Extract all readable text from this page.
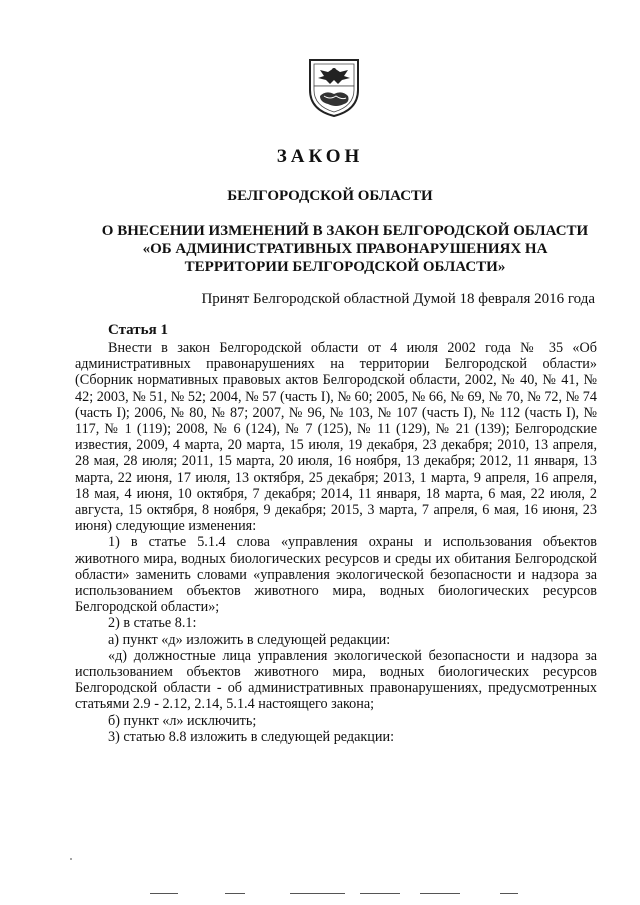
ЗАКОН
БЕЛГОРОДСКОЙ ОБЛАСТИ
О ВНЕСЕНИИ ИЗМЕНЕНИЙ В ЗАКОН БЕЛГОРОДСКОЙ ОБЛАСТИ
«ОБ АДМИНИСТРАТИВНЫХ ПРАВОНАРУШЕНИЯХ НА
ТЕРРИТОРИИ БЕЛГОРОДСКОЙ ОБЛАСТИ»
Принят Белгородской областной Думой 18 февраля 2016 года
Статья 1

Внести в закон Белгородской области от 4 июля 2002 года № 35 «Об административных правонарушениях на территории Белгородской области» (Сборник нормативных правовых актов Белгородской области, 2002, № 40, № 41, № 42; 2003, № 51, № 52; 2004, № 57 (часть I), № 60; 2005, № 66, № 69, № 70, № 72, № 74 (часть I); 2006, № 80, № 87; 2007, № 96, № 103, № 107 (часть I), № 112 (часть I), № 117, № 1 (119); 2008, № 6 (124), № 7 (125), № 11 (129), № 21 (139); Белгородские известия, 2009, 4 марта, 20 марта, 15 июля, 19 декабря, 23 декабря; 2010, 13 апреля, 28 мая, 28 июля; 2011, 15 марта, 20 июля, 16 ноября, 13 декабря; 2012, 11 января, 13 марта, 22 июня, 17 июля, 13 октября, 25 декабря; 2013, 1 марта, 9 апреля, 16 апреля, 18 мая, 4 июня, 10 октября, 7 декабря; 2014, 11 января, 18 марта, 6 мая, 22 июля, 2 августа, 15 октября, 8 ноября, 9 декабря; 2015, 3 марта, 7 апреля, 6 мая, 16 июня, 23 июня) следующие изменения:

1) в статье 5.1.4 слова «управления охраны и использования объектов животного мира, водных биологических ресурсов и среды их обитания Белгородской области» заменить словами «управления экологической безопасности и надзора за использованием объектов животного мира, водных биологических ресурсов Белгородской области»;

2) в статье 8.1:

а) пункт «д» изложить в следующей редакции:

«д) должностные лица управления экологической безопасности и надзора за использованием объектов животного мира, водных биологических ресурсов Белгородской области - об административных правонарушениях, предусмотренных статьями 2.9 - 2.12, 2.14, 5.1.4 настоящего закона;

б) пункт «л» исключить;

3) статью 8.8 изложить в следующей редакции:
